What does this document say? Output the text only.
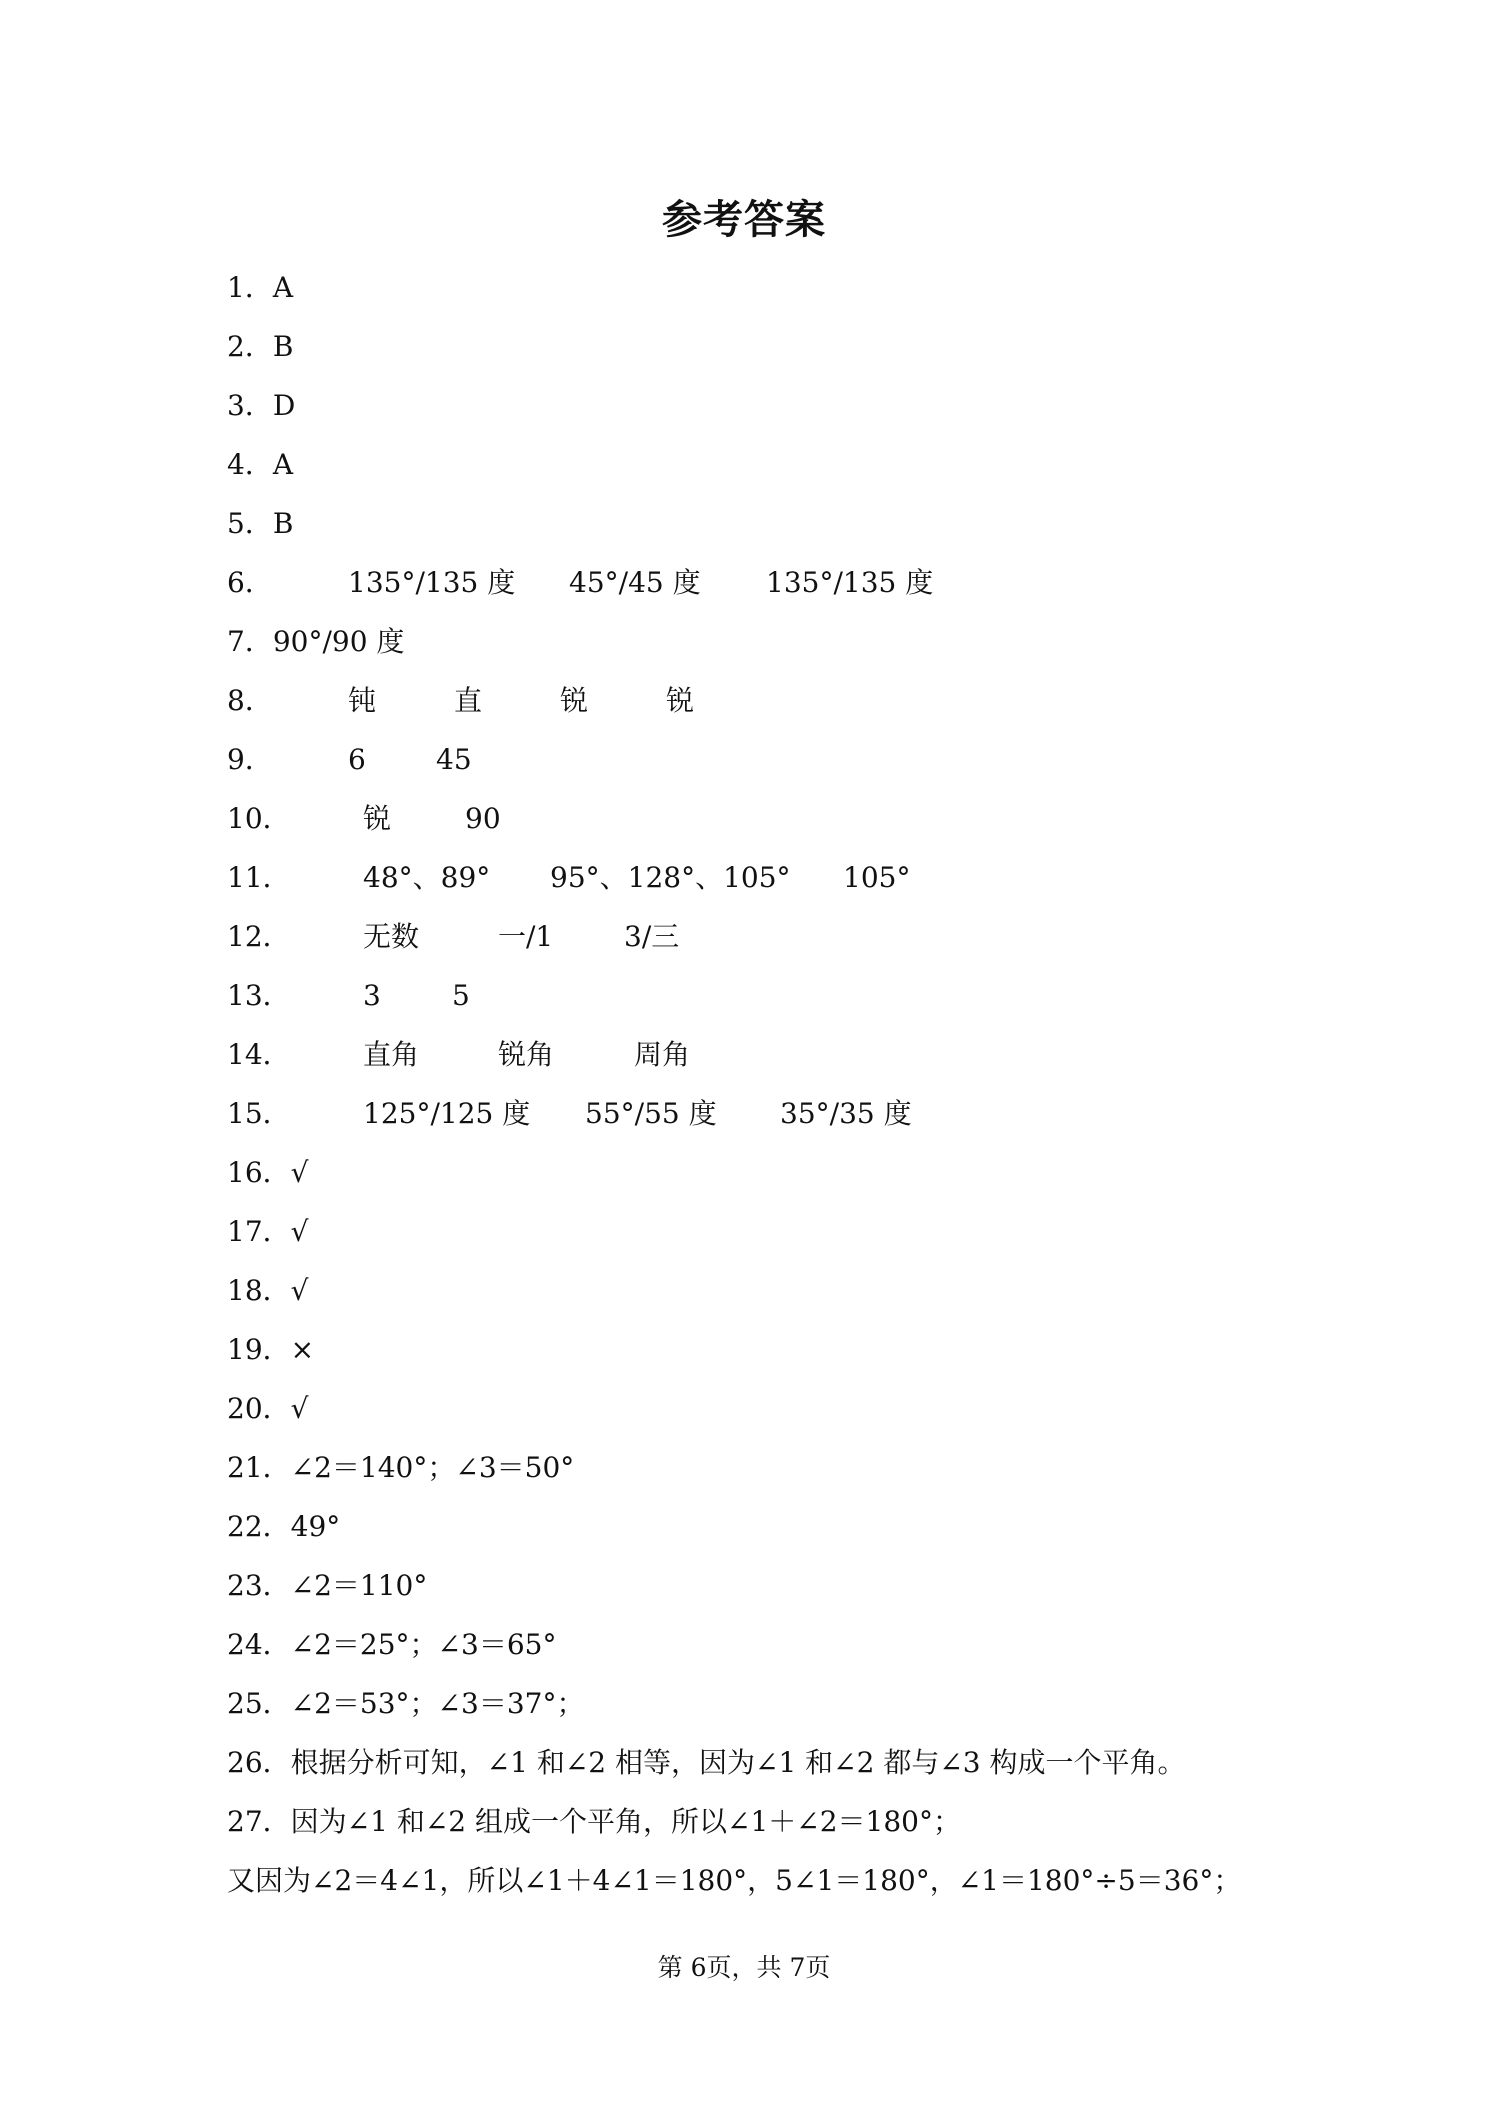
参考答案
1．A
2．B
3．D
4．A
5．B
6．	135°/135 度 45°/45 度 135°/135 度
7．90°/90 度
8．	钝	直	锐	锐
9．	6	45
10．	锐	90
11．	48°、89° 95°、128°、105° 105°
12．	无数	一/1	3/三
13．	3	5
14．	直角	锐角	周角
15．	125°/125 度 55°/55 度 35°/35 度
16．√
17．√
18．√
19．×
20．√
21．∠2＝140°；∠3＝50°
22．49°
23．∠2＝110°
24．∠2＝25°；∠3＝65°
25．∠2＝53°；∠3＝37°；
26．根据分析可知，∠1 和∠2 相等，因为∠1 和∠2 都与∠3 构成一个平角。
27．因为∠1 和∠2 组成一个平角，所以∠1＋∠2＝180°；
又因为∠2＝4∠1，所以∠1＋4∠1＝180°，5∠1＝180°，∠1＝180°÷5＝36°；
第 6页，共 7页
